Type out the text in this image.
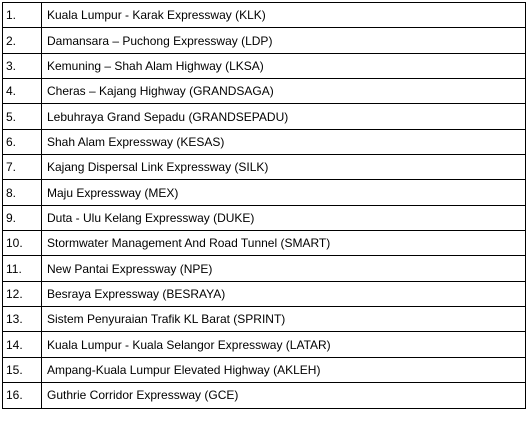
1.	Kuala Lumpur - Karak Expressway (KLK)
2.	Damansara – Puchong Expressway (LDP)
3.	Kemuning – Shah Alam Highway (LKSA)
4.	Cheras – Kajang Highway (GRANDSAGA)
5.	Lebuhraya Grand Sepadu (GRANDSEPADU)
6.	Shah Alam Expressway (KESAS)
7.	Kajang Dispersal Link Expressway (SILK)
8.	Maju Expressway (MEX)
9.	Duta - Ulu Kelang Expressway (DUKE)
10.	Stormwater Management And Road Tunnel (SMART)
11.	New Pantai Expressway (NPE)
12.	Besraya Expressway (BESRAYA)
13.	Sistem Penyuraian Trafik KL Barat (SPRINT)
14.	Kuala Lumpur - Kuala Selangor Expressway (LATAR)
15.	Ampang-Kuala Lumpur Elevated Highway (AKLEH)
16.	Guthrie Corridor Expressway (GCE)
